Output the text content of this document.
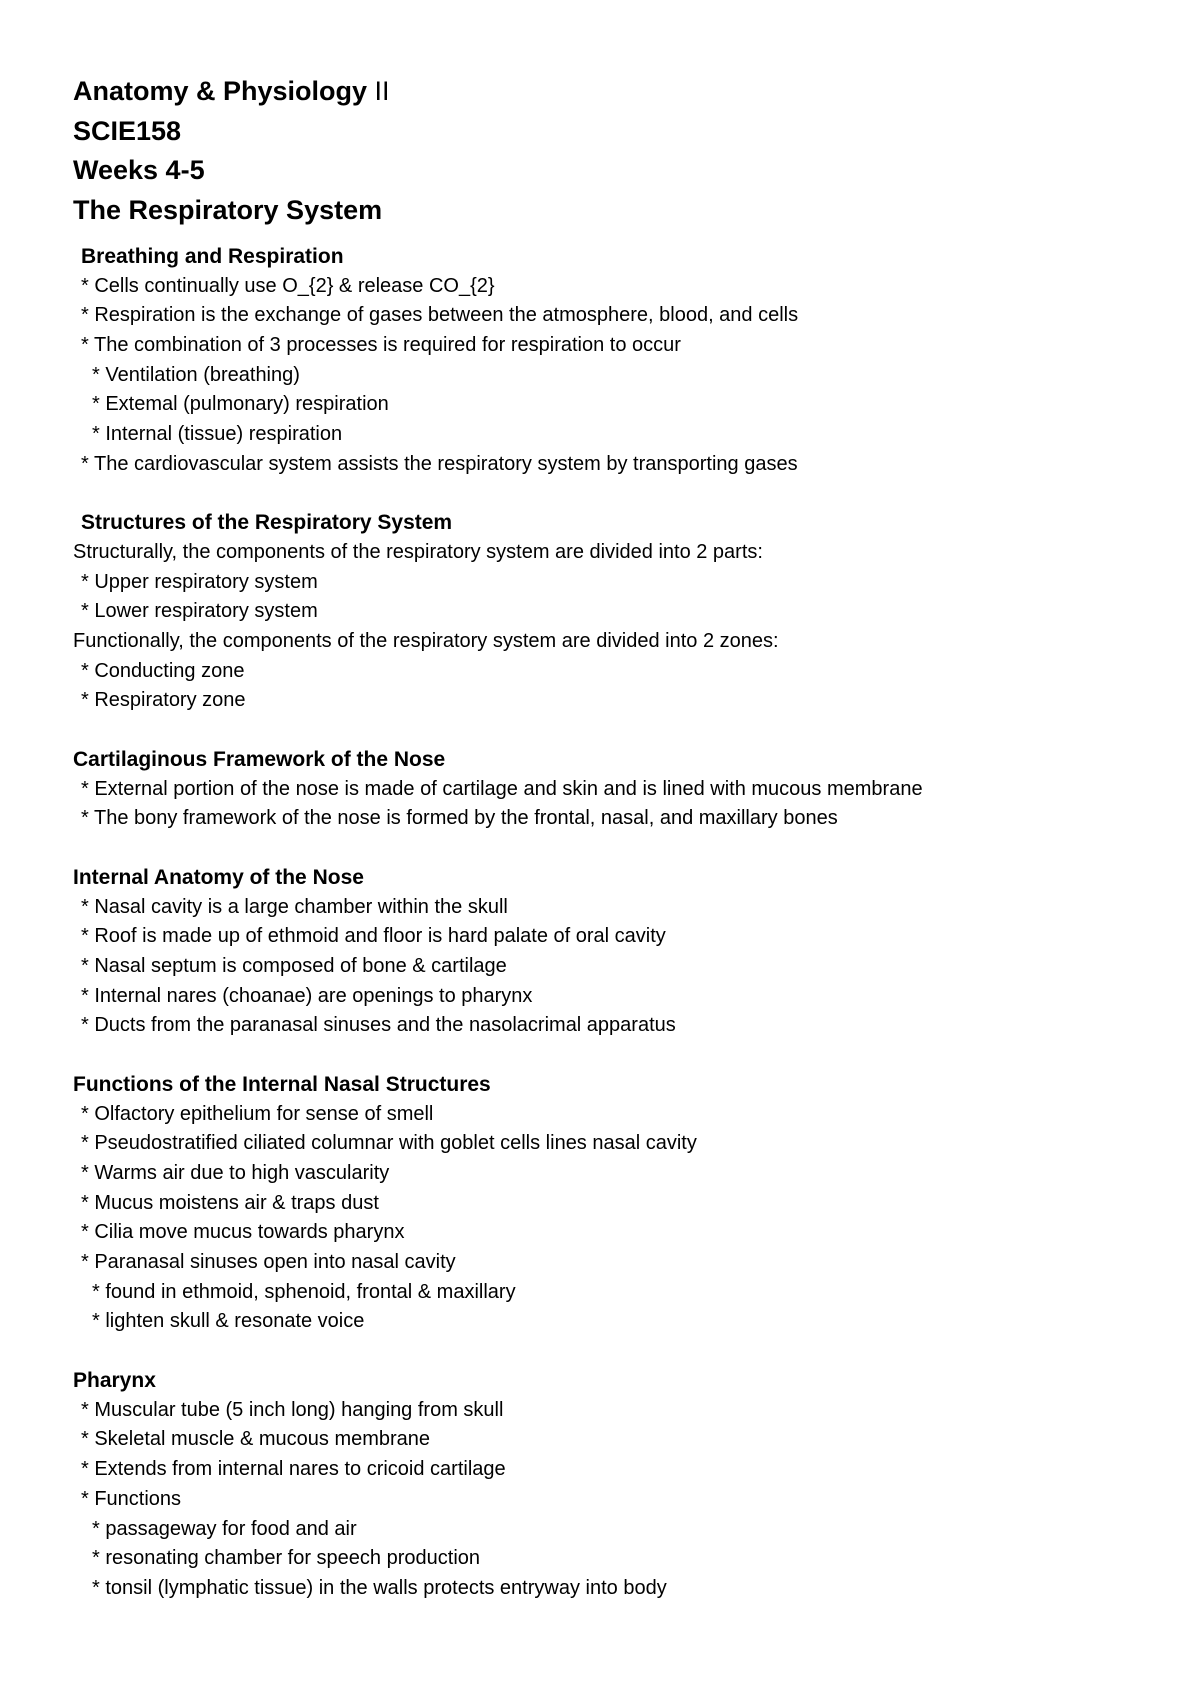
Anatomy & Physiology II
SCIE158
Weeks 4-5
The Respiratory System
Breathing and Respiration
* Cells continually use O_{2} & release CO_{2}
* Respiration is the exchange of gases between the atmosphere, blood, and cells
* The combination of 3 processes is required for respiration to occur
* Ventilation (breathing)
* Extemal (pulmonary) respiration
* Internal (tissue) respiration
* The cardiovascular system assists the respiratory system by transporting gases
Structures of the Respiratory System
Structurally, the components of the respiratory system are divided into 2 parts:
* Upper respiratory system
* Lower respiratory system
Functionally, the components of the respiratory system are divided into 2 zones:
* Conducting zone
* Respiratory zone
Cartilaginous Framework of the Nose
* External portion of the nose is made of cartilage and skin and is lined with mucous membrane
* The bony framework of the nose is formed by the frontal, nasal, and maxillary bones
Internal Anatomy of the Nose
* Nasal cavity is a large chamber within the skull
* Roof is made up of ethmoid and floor is hard palate of oral cavity
* Nasal septum is composed of bone & cartilage
* Internal nares (choanae) are openings to pharynx
* Ducts from the paranasal sinuses and the nasolacrimal apparatus
Functions of the Internal Nasal Structures
* Olfactory epithelium for sense of smell
* Pseudostratified ciliated columnar with goblet cells lines nasal cavity
* Warms air due to high vascularity
* Mucus moistens air & traps dust
* Cilia move mucus towards pharynx
* Paranasal sinuses open into nasal cavity
* found in ethmoid, sphenoid, frontal & maxillary
* lighten skull & resonate voice
Pharynx
* Muscular tube (5 inch long) hanging from skull
* Skeletal muscle & mucous membrane
* Extends from internal nares to cricoid cartilage
* Functions
* passageway for food and air
* resonating chamber for speech production
* tonsil (lymphatic tissue) in the walls protects entryway into body
